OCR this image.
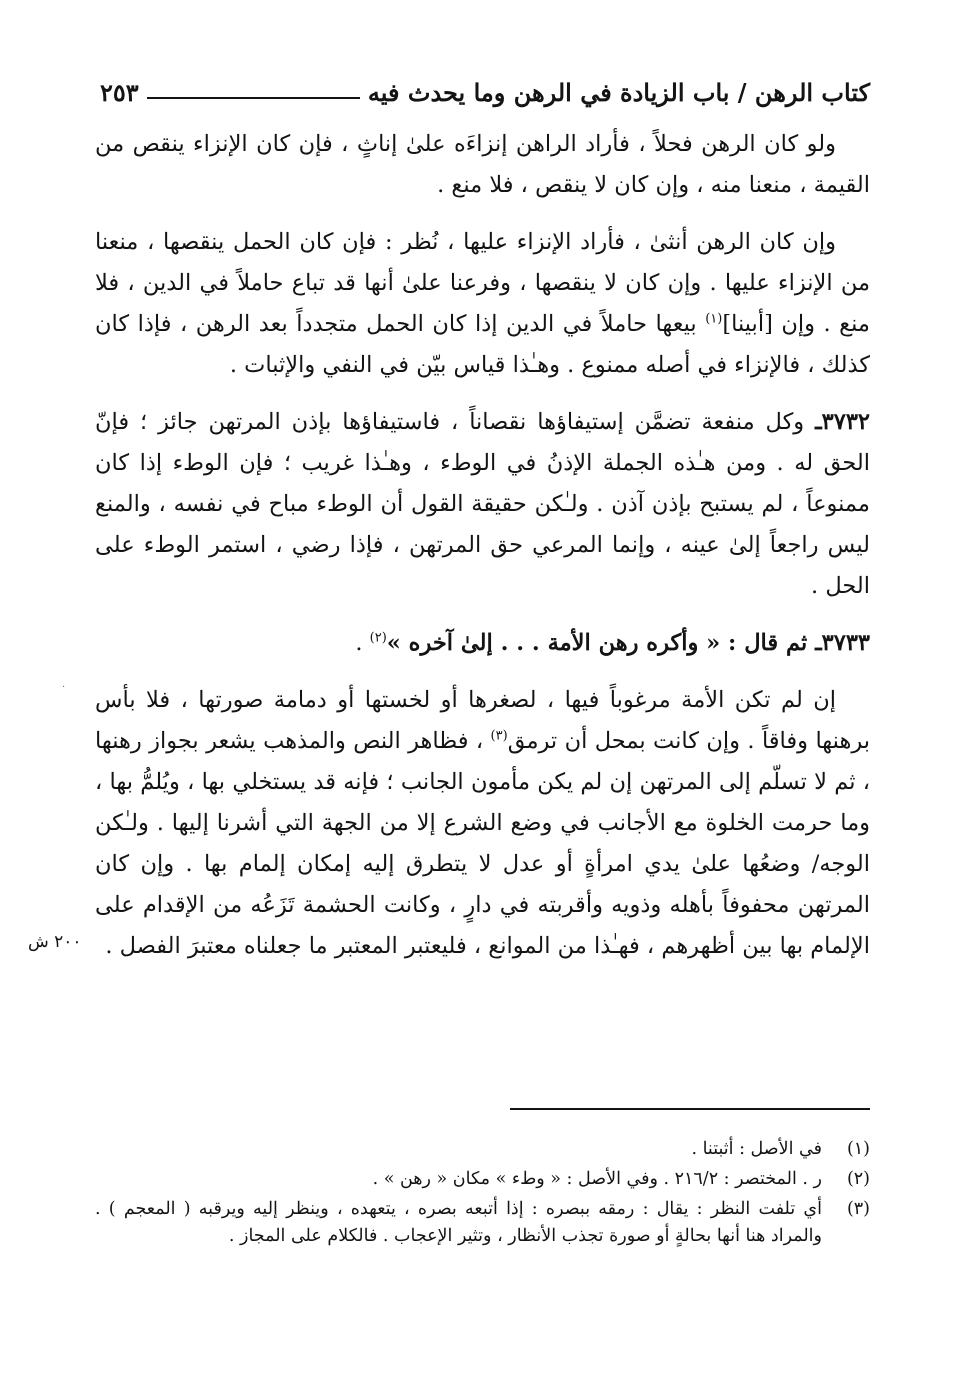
كتاب الرهن / باب الزيادة في الرهن وما يحدث فيه
٢٥٣

ولو كان الرهن فحلاً ، فأراد الراهن إنزاءَه علىٰ إناثٍ ، فإن كان الإنزاء ينقص من القيمة ، منعنا منه ، وإن كان لا ينقص ، فلا منع .

وإن كان الرهن أنثىٰ ، فأراد الإنزاء عليها ، نُظر : فإن كان الحمل ينقصها ، منعنا من الإنزاء عليها . وإن كان لا ينقصها ، وفرعنا علىٰ أنها قد تباع حاملاً في الدين ، فلا منع . وإن [أبينا]$^{(١)}$ بيعها حاملاً في الدين إذا كان الحمل متجدداً بعد الرهن ، فإذا كان كذلك ، فالإنزاء في أصله ممنوع . وهـٰذا قياس بيّن في النفي والإثبات .

٣٧٣٢ـ وكل منفعة تضمَّن إستيفاؤها نقصاناً ، فاستيفاؤها بإذن المرتهن جائز ؛ فإنّ الحق له . ومن هـٰذه الجملة الإذنُ في الوطء ، وهـٰذا غريب ؛ فإن الوطء إذا كان ممنوعاً ، لم يستبح بإذن آذن . ولـٰكن حقيقة القول أن الوطء مباح في نفسه ، والمنع ليس راجعاً إلىٰ عينه ، وإنما المرعي حق المرتهن ، فإذا رضي ، استمر الوطء على الحل .

٣٧٣٣ـ ثم قال : « وأكره رهن الأمة . . . إلىٰ آخره »$^{(٢)}$ .

إن لم تكن الأمة مرغوباً فيها ، لصغرها أو لخستها أو دمامة صورتها ، فلا بأس برهنها وفاقاً . وإن كانت بمحل أن ترمق$^{(٣)}$ ، فظاهر النص والمذهب يشعر بجواز رهنها ، ثم لا تسلّم إلى المرتهن إن لم يكن مأمون الجانب ؛ فإنه قد يستخلي بها ، ويُلمُّ بها ، وما حرمت الخلوة مع الأجانب في وضع الشرع إلا من الجهة التي أشرنا إليها . ولـٰكن الوجه/ وضعُها علىٰ يدي امرأةٍ أو عدل لا يتطرق إليه إمكان إلمام بها . وإن كان المرتهن محفوفاً بأهله وذويه وأقربته في دارٍ ، وكانت الحشمة تَزَعُه من الإقدام على الإلمام بها بين أظهرهم ، فهـٰذا من الموانع ، فليعتبر المعتبر ما جعلناه معتبرَ الفصل .

٢٠٠ ش
·
(١)
في الأصل : أثبتنا .
(٢)
ر . المختصر : ٢١٦/٢ . وفي الأصل : « وطء » مكان « رهن » .
(٣)
أي تلفت النظر : يقال : رمقه ببصره : إذا أتبعه بصره ، يتعهده ، وينظر إليه ويرقبه ( المعجم ) . والمراد هنا أنها بحالةٍ أو صورة تجذب الأنظار ، وتثير الإعجاب . فالكلام على المجاز .
